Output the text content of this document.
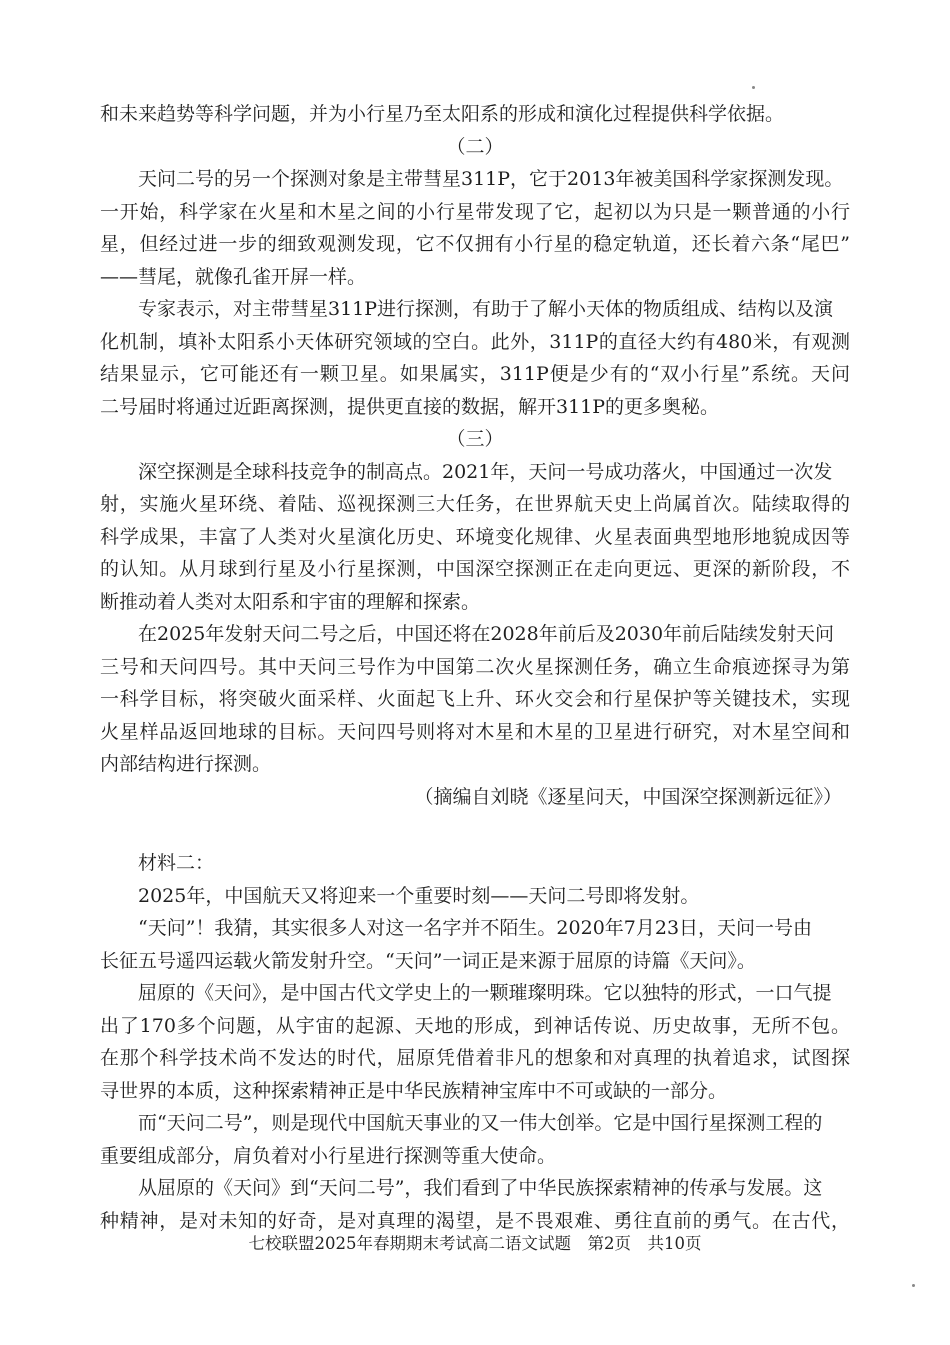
和未来趋势等科学问题，并为小行星乃至太阳系的形成和演化过程提供科学依据。

（二）

天问二号的另一个探测对象是主带彗星311P，它于2013年被美国科学家探测发现。

一开始，科学家在火星和木星之间的小行星带发现了它，起初以为只是一颗普通的小行

星，但经过进一步的细致观测发现，它不仅拥有小行星的稳定轨道，还长着六条“尾巴”

——彗尾，就像孔雀开屏一样。

专家表示，对主带彗星311P进行探测，有助于了解小天体的物质组成、结构以及演

化机制，填补太阳系小天体研究领域的空白。此外，311P的直径大约有480米，有观测

结果显示，它可能还有一颗卫星。如果属实，311P便是少有的“双小行星”系统。天问

二号届时将通过近距离探测，提供更直接的数据，解开311P的更多奥秘。

（三）

深空探测是全球科技竞争的制高点。2021年，天问一号成功落火，中国通过一次发

射，实施火星环绕、着陆、巡视探测三大任务，在世界航天史上尚属首次。陆续取得的

科学成果，丰富了人类对火星演化历史、环境变化规律、火星表面典型地形地貌成因等

的认知。从月球到行星及小行星探测，中国深空探测正在走向更远、更深的新阶段，不

断推动着人类对太阳系和宇宙的理解和探索。

在2025年发射天问二号之后，中国还将在2028年前后及2030年前后陆续发射天问

三号和天问四号。其中天问三号作为中国第二次火星探测任务，确立生命痕迹探寻为第

一科学目标，将突破火面采样、火面起飞上升、环火交会和行星保护等关键技术，实现

火星样品返回地球的目标。天问四号则将对木星和木星的卫星进行研究，对木星空间和

内部结构进行探测。

（摘编自刘晓《逐星问天，中国深空探测新远征》）

材料二：

2025年，中国航天又将迎来一个重要时刻——天问二号即将发射。

“天问”！我猜，其实很多人对这一名字并不陌生。2020年7月23日，天问一号由

长征五号遥四运载火箭发射升空。“天问”一词正是来源于屈原的诗篇《天问》。

屈原的《天问》，是中国古代文学史上的一颗璀璨明珠。它以独特的形式，一口气提

出了170多个问题，从宇宙的起源、天地的形成，到神话传说、历史故事，无所不包。

在那个科学技术尚不发达的时代，屈原凭借着非凡的想象和对真理的执着追求，试图探

寻世界的本质，这种探索精神正是中华民族精神宝库中不可或缺的一部分。

而“天问二号”，则是现代中国航天事业的又一伟大创举。它是中国行星探测工程的

重要组成部分，肩负着对小行星进行探测等重大使命。

从屈原的《天问》到“天问二号”，我们看到了中华民族探索精神的传承与发展。这

种精神，是对未知的好奇，是对真理的渴望，是不畏艰难、勇往直前的勇气。在古代，

七校联盟2025年春期期末考试高二语文试题　第2页　共10页
